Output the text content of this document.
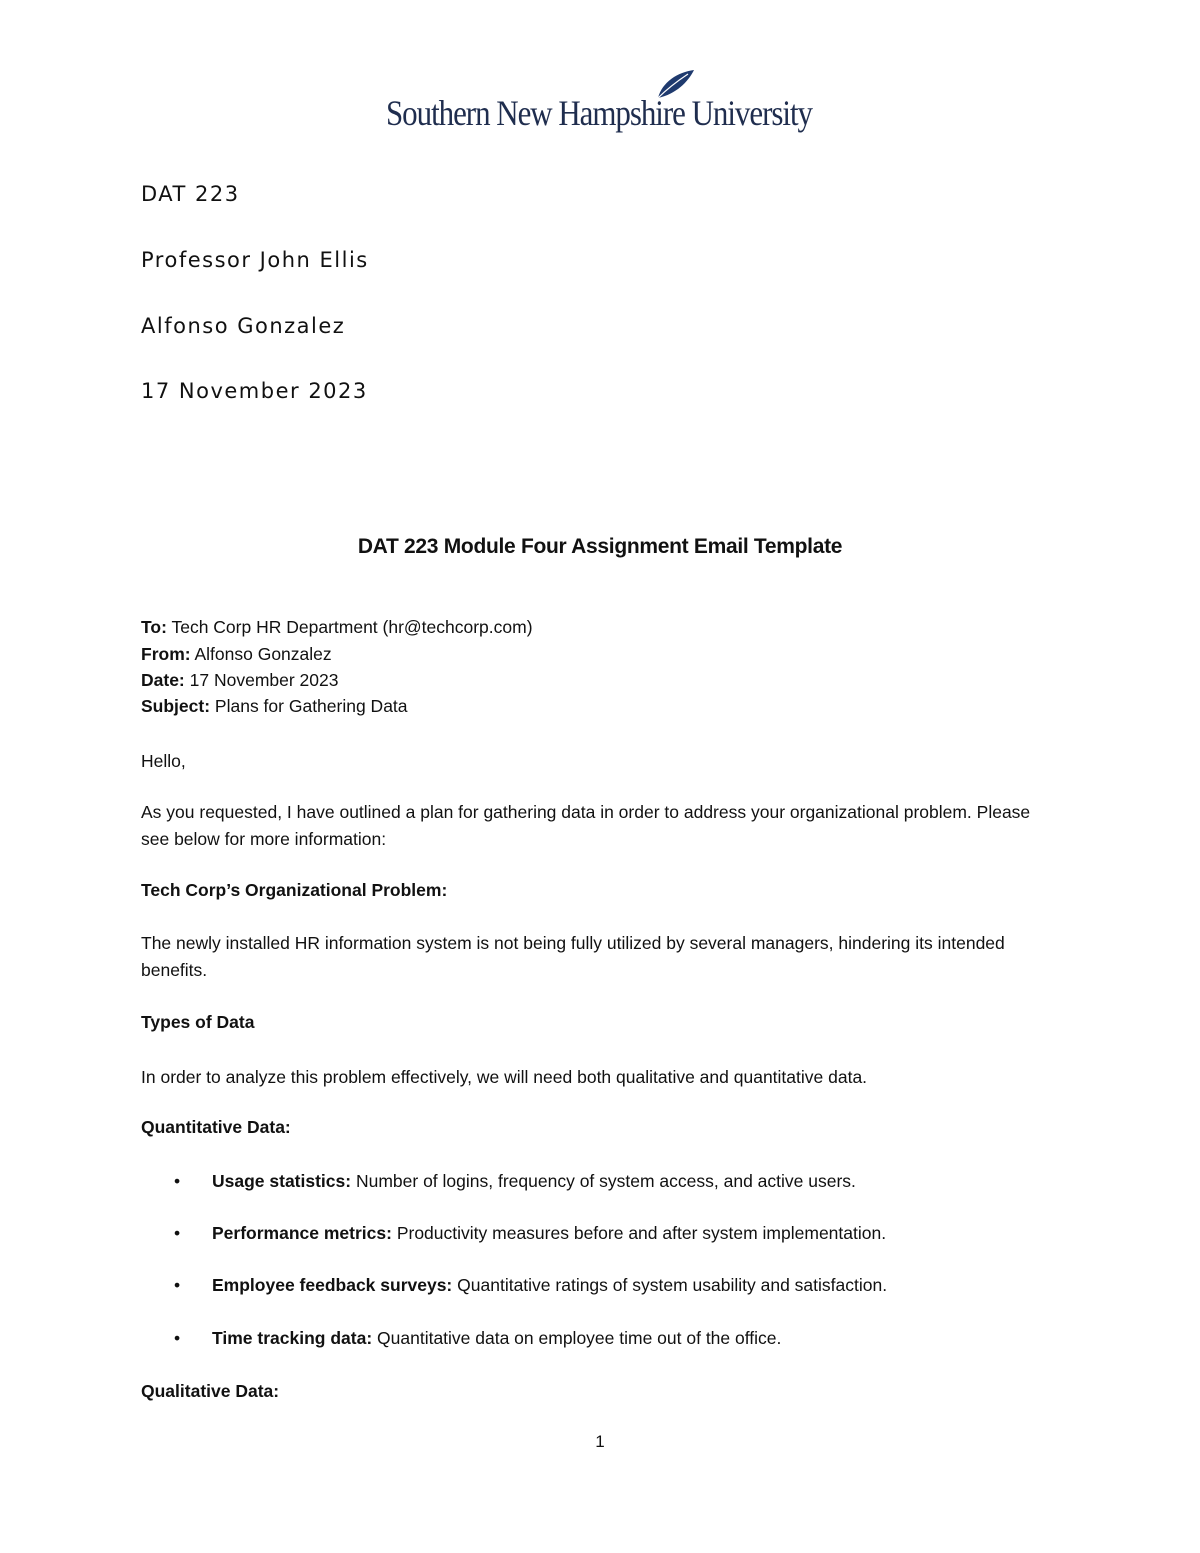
Southern New Hampshire University
DAT 223
Professor John Ellis
Alfonso Gonzalez
17 November 2023
DAT 223 Module Four Assignment Email Template
To: Tech Corp HR Department (hr@techcorp.com)
From: Alfonso Gonzalez
Date: 17 November 2023
Subject: Plans for Gathering Data
Hello,
As you requested, I have outlined a plan for gathering data in order to address your organizational problem. Please see below for more information:
Tech Corp’s Organizational Problem:
The newly installed HR information system is not being fully utilized by several managers, hindering its intended benefits.
Types of Data
In order to analyze this problem effectively, we will need both qualitative and quantitative data.
Quantitative Data:
• Usage statistics: Number of logins, frequency of system access, and active users.
• Performance metrics: Productivity measures before and after system implementation.
• Employee feedback surveys: Quantitative ratings of system usability and satisfaction.
• Time tracking data: Quantitative data on employee time out of the office.
Qualitative Data:
1
